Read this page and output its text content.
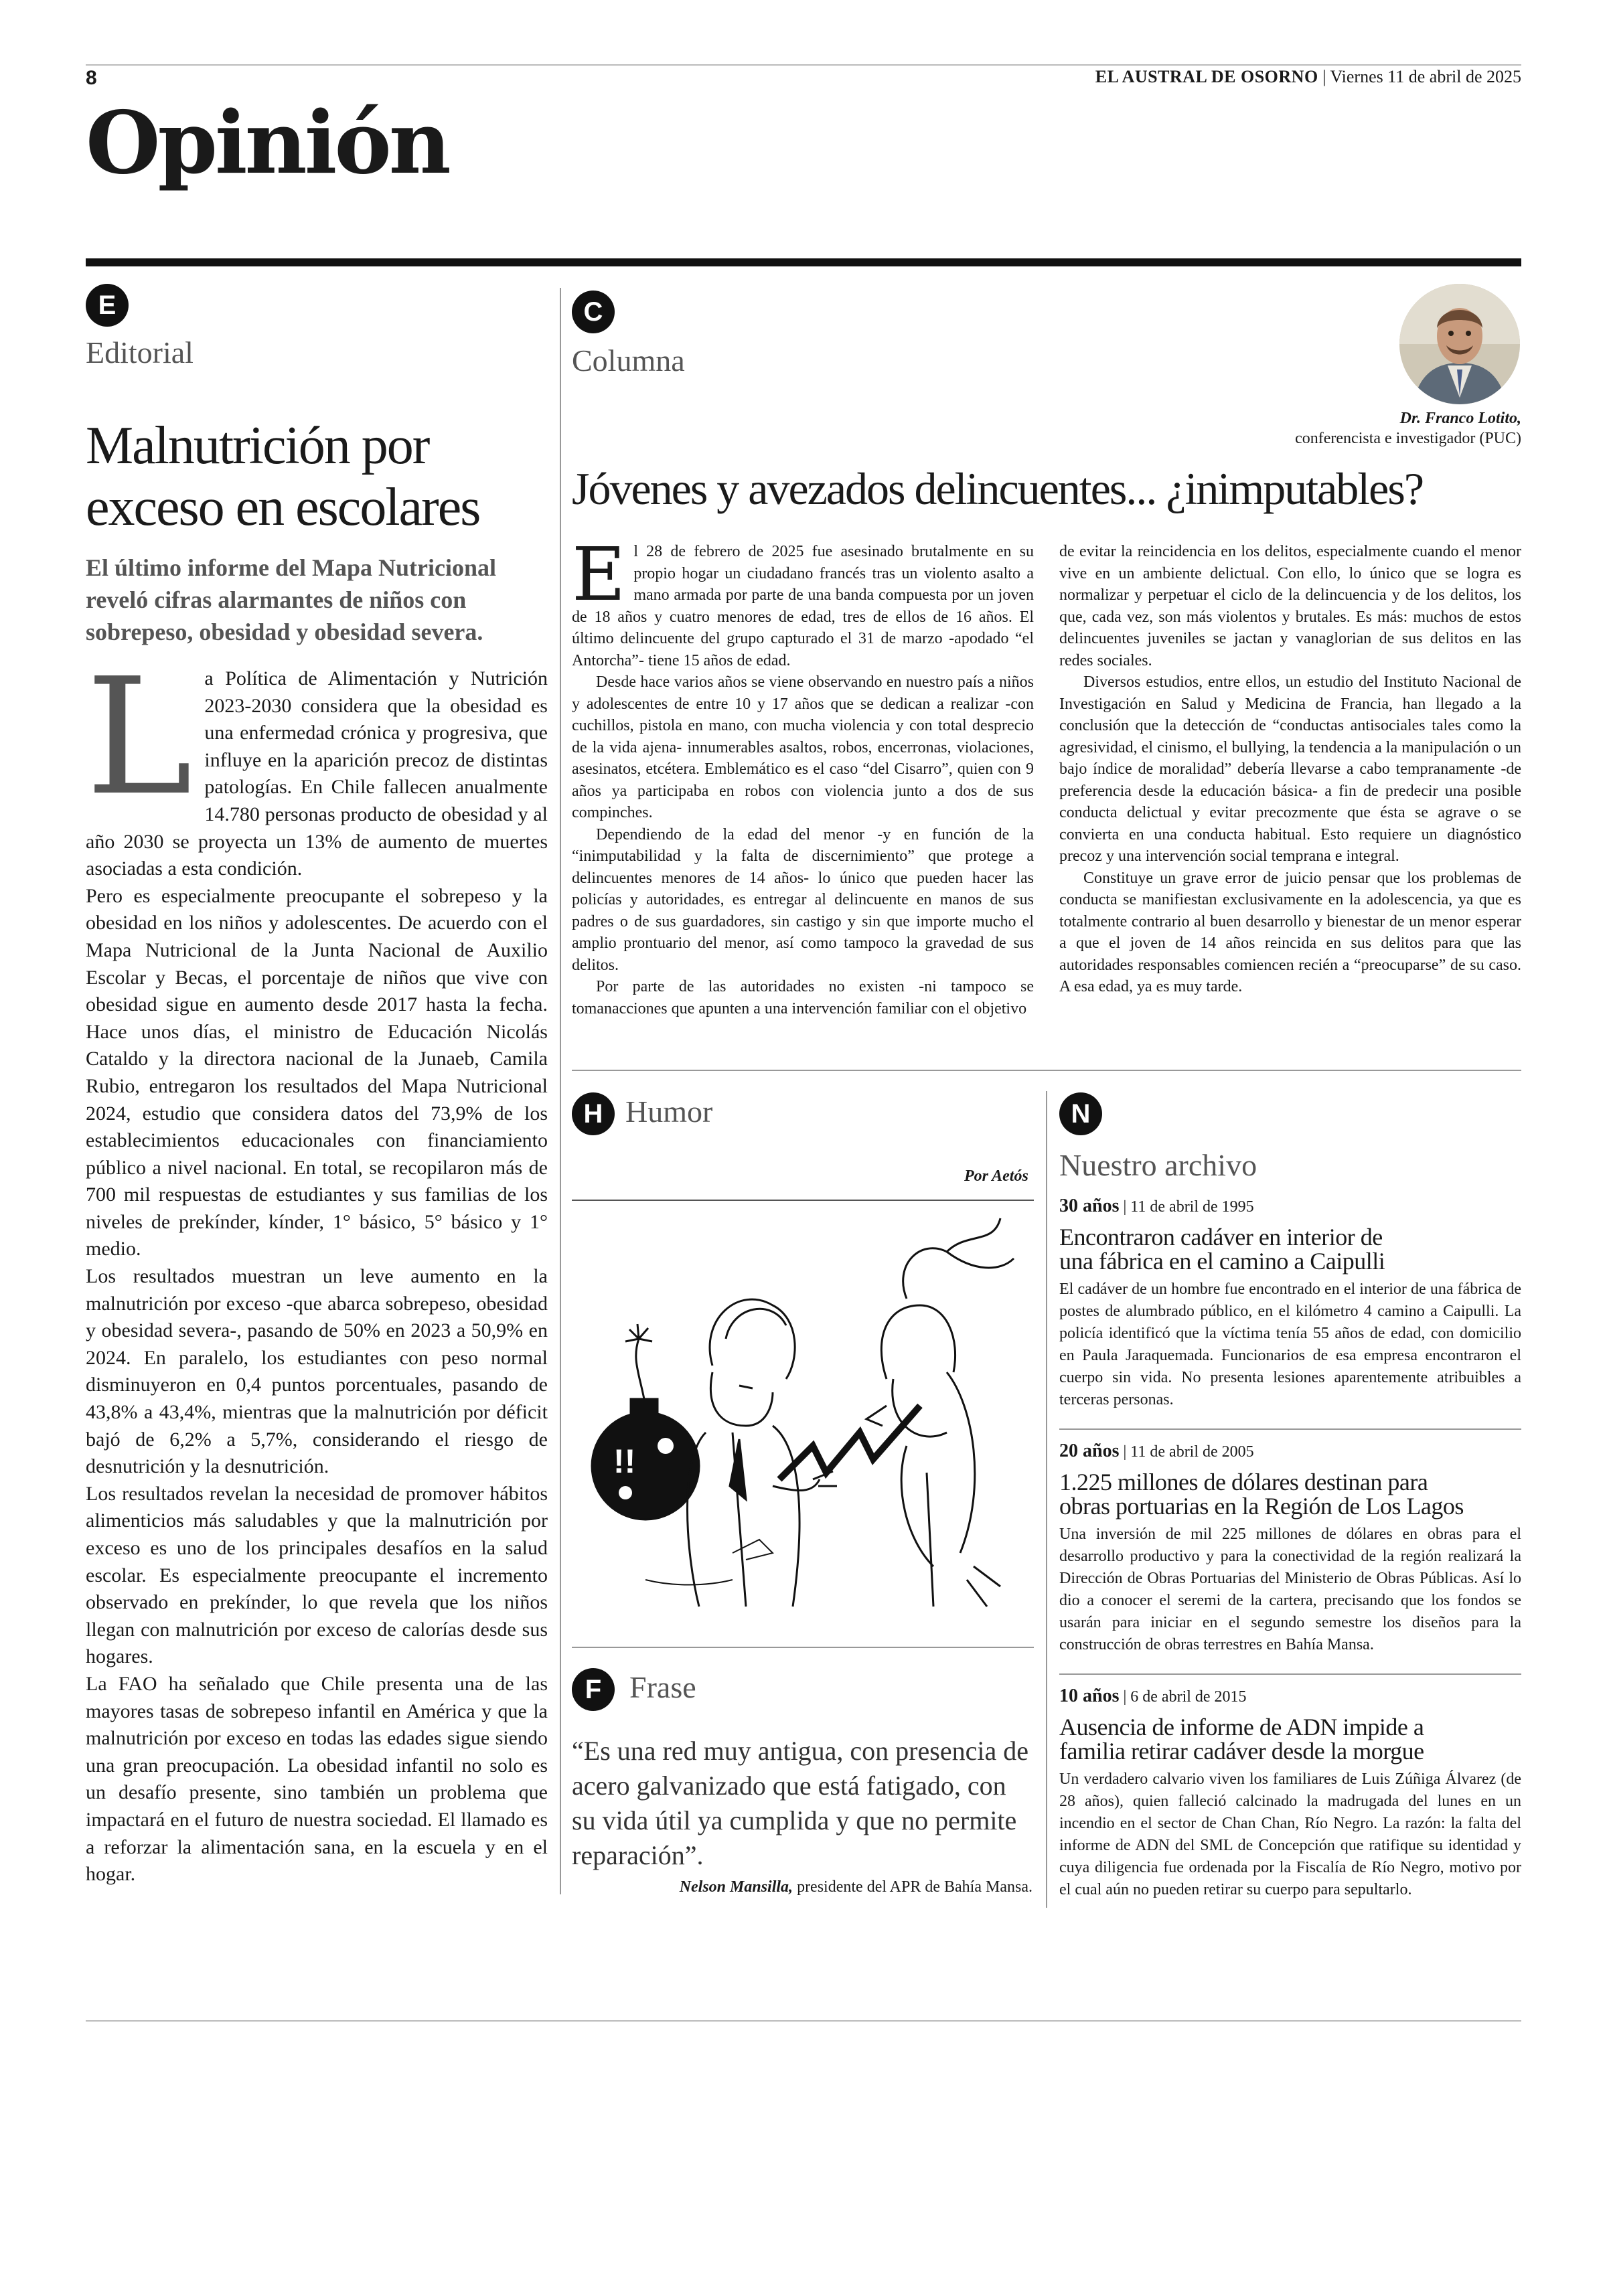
8	EL AUSTRAL DE OSORNO | Viernes 11 de abril de 2025
Opinión
E
Editorial
Malnutrición por
exceso en escolares
El último informe del Mapa Nutricional reveló cifras alarmantes de niños con sobrepeso, obesidad y obesidad severa.
L a Política de Alimentación y Nutrición 2023-2030 considera que la obesidad es una enfermedad crónica y progresiva, que influye en la aparición precoz de distintas patologías. En Chile fallecen anualmente 14.780 personas producto de obesidad y al año 2030 se proyecta un 13% de aumento de muertes asociadas a esta condición.

Pero es especialmente preocupante el sobrepeso y la obesidad en los niños y adolescentes. De acuerdo con el Mapa Nutricional de la Junta Nacional de Auxilio Escolar y Becas, el porcentaje de niños que vive con obesidad sigue en aumento desde 2017 hasta la fecha. Hace unos días, el ministro de Educación Nicolás Cataldo y la directora nacional de la Junaeb, Camila Rubio, entregaron los resultados del Mapa Nutricional 2024, estudio que considera datos del 73,9% de los establecimientos educacionales con financiamiento público a nivel nacional. En total, se recopilaron más de 700 mil respuestas de estudiantes y sus familias de los niveles de prekínder, kínder, 1° básico, 5° básico y 1° medio.

Los resultados muestran un leve aumento en la malnutrición por exceso -que abarca sobrepeso, obesidad y obesidad severa-, pasando de 50% en 2023 a 50,9% en 2024. En paralelo, los estudiantes con peso normal disminuyeron en 0,4 puntos porcentuales, pasando de 43,8% a 43,4%, mientras que la malnutrición por déficit bajó de 6,2% a 5,7%, considerando el riesgo de desnutrición y la desnutrición.

Los resultados revelan la necesidad de promover hábitos alimenticios más saludables y que la malnutrición por exceso es uno de los principales desafíos en la salud escolar. Es especialmente preocupante el incremento observado en prekínder, lo que revela que los niños llegan con malnutrición por exceso de calorías desde sus hogares.

La FAO ha señalado que Chile presenta una de las mayores tasas de sobrepeso infantil en América y que la malnutrición por exceso en todas las edades sigue siendo una gran preocupación. La obesidad infantil no solo es un desafío presente, sino también un problema que impactará en el futuro de nuestra sociedad. El llamado es a reforzar la alimentación sana, en la escuela y en el hogar.

C
Columna
Dr. Franco Lotito,
conferencista e investigador (PUC)
Jóvenes y avezados delincuentes... ¿inimputables?

El 28 de febrero de 2025 fue asesinado brutalmente en su propio hogar un ciudadano francés tras un violento asalto a mano armada por parte de una banda compuesta por un joven de 18 años y cuatro menores de edad, tres de ellos de 16 años. El último delincuente del grupo capturado el 31 de marzo -apodado “el Antorcha”- tiene 15 años de edad.

Desde hace varios años se viene observando en nuestro país a niños y adolescentes de entre 10 y 17 años que se dedican a realizar -con cuchillos, pistola en mano, con mucha violencia y con total desprecio de la vida ajena- innumerables asaltos, robos, encerronas, violaciones, asesinatos, etcétera. Emblemático es el caso “del Cisarro”, quien con 9 años ya participaba en robos con violencia junto a dos de sus compinches.

Dependiendo de la edad del menor -y en función de la “inimputabilidad y la falta de discernimiento” que protege a delincuentes menores de 14 años- lo único que pueden hacer las policías y autoridades, es entregar al delincuente en manos de sus padres o de sus guardadores, sin castigo y sin que importe mucho el amplio prontuario del menor, así como tampoco la gravedad de sus delitos.

Por parte de las autoridades no existen -ni tampoco se tomanacciones que apunten a una intervención familiar con el objetivo

de evitar la reincidencia en los delitos, especialmente cuando el menor vive en un ambiente delictual. Con ello, lo único que se logra es normalizar y perpetuar el ciclo de la delincuencia y de los delitos, los que, cada vez, son más violentos y brutales. Es más: muchos de estos delincuentes juveniles se jactan y vanaglorian de sus delitos en las redes sociales.

Diversos estudios, entre ellos, un estudio del Instituto Nacional de Investigación en Salud y Medicina de Francia, han llegado a la conclusión que la detección de “conductas antisociales tales como la agresividad, el cinismo, el bullying, la tendencia a la manipulación o un bajo índice de moralidad” debería llevarse a cabo tempranamente -de preferencia desde la educación básica- a fin de predecir una posible conducta delictual y evitar precozmente que ésta se agrave o se convierta en una conducta habitual. Esto requiere un diagnóstico precoz y una intervención social temprana e integral.

Constituye un grave error de juicio pensar que los problemas de conducta se manifiestan exclusivamente en la adolescencia, ya que es totalmente contrario al buen desarrollo y bienestar de un menor esperar a que el joven de 14 años reincida en sus delitos para que las autoridades responsables comiencen recién a “preocuparse” de su caso. A esa edad, ya es muy tarde.

H Humor
Por Aetós
!!
F Frase
“Es una red muy antigua, con presencia de acero galvanizado que está fatigado, con su vida útil ya cumplida y que no permite reparación”.
Nelson Mansilla, presidente del APR de Bahía Mansa.
N
Nuestro archivo
30 años | 11 de abril de 1995
Encontraron cadáver en interior de
una fábrica en el camino a Caipulli
El cadáver de un hombre fue encontrado en el interior de una fábrica de postes de alumbrado público, en el kilómetro 4 camino a Caipulli. La policía identificó que la víctima tenía 55 años de edad, con domicilio en Paula Jaraquemada. Funcionarios de esa empresa encontraron el cuerpo sin vida. No presenta lesiones aparentemente atribuibles a terceras personas.
20 años | 11 de abril de 2005
1.225 millones de dólares destinan para
obras portuarias en la Región de Los Lagos
Una inversión de mil 225 millones de dólares en obras para el desarrollo productivo y para la conectividad de la región realizará la Dirección de Obras Portuarias del Ministerio de Obras Públicas. Así lo dio a conocer el seremi de la cartera, precisando que los fondos se usarán para iniciar en el segundo semestre los diseños para la construcción de obras terrestres en Bahía Mansa.
10 años | 6 de abril de 2015
Ausencia de informe de ADN impide a
familia retirar cadáver desde la morgue
Un verdadero calvario viven los familiares de Luis Zúñiga Álvarez (de 28 años), quien falleció calcinado la madrugada del lunes en un incendio en el sector de Chan Chan, Río Negro. La razón: la falta del informe de ADN del SML de Concepción que ratifique su identidad y cuya diligencia fue ordenada por la Fiscalía de Río Negro, motivo por el cual aún no pueden retirar su cuerpo para sepultarlo.
